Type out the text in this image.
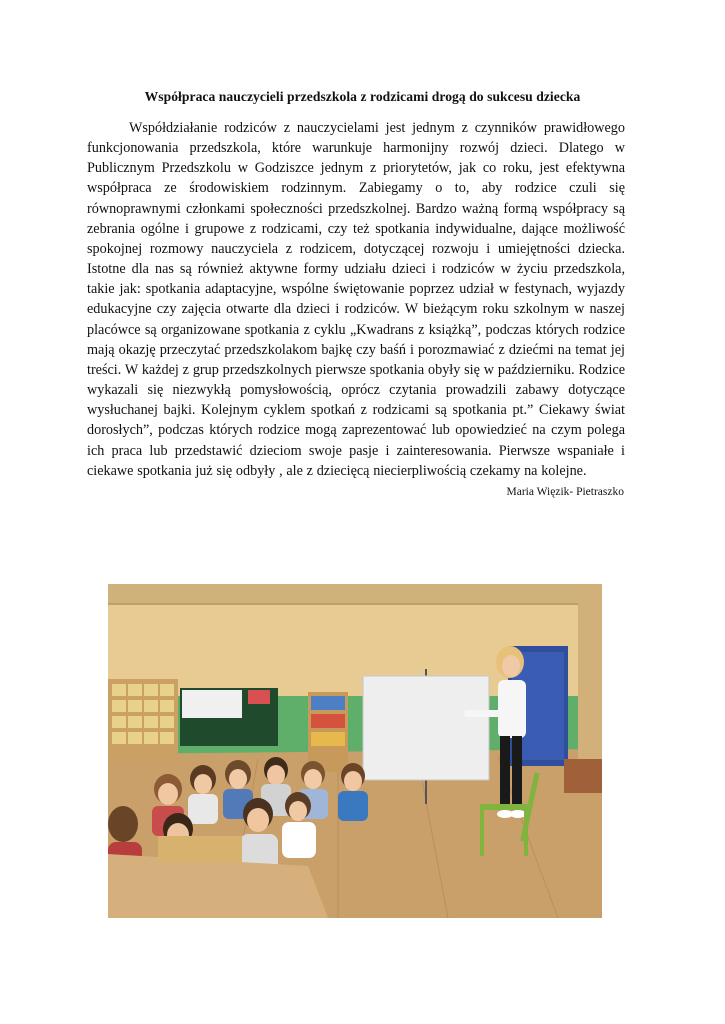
Współpraca nauczycieli przedszkola z rodzicami drogą do sukcesu dziecka

Współdziałanie rodziców z nauczycielami jest jednym z czynników prawidłowego funkcjonowania przedszkola, które warunkuje harmonijny rozwój dzieci. Dlatego w Publicznym Przedszkolu w Godziszce jednym z priorytetów, jak co roku, jest efektywna współpraca ze środowiskiem rodzinnym. Zabiegamy o to, aby rodzice czuli się równoprawnymi członkami społeczności przedszkolnej. Bardzo ważną formą współpracy są zebrania ogólne i grupowe z rodzicami, czy też spotkania indywidualne, dające możliwość spokojnej rozmowy nauczyciela z rodzicem, dotyczącej rozwoju i umiejętności dziecka. Istotne dla nas są również aktywne formy udziału dzieci i rodziców w życiu przedszkola, takie jak: spotkania adaptacyjne, wspólne świętowanie poprzez udział w festynach, wyjazdy edukacyjne czy zajęcia otwarte dla dzieci i rodziców. W bieżącym roku szkolnym w naszej placówce są organizowane spotkania z cyklu „Kwadrans z książką”, podczas których rodzice mają okazję przeczytać przedszkolakom bajkę czy baśń i porozmawiać z dziećmi na temat jej treści. W każdej z grup przedszkolnych pierwsze spotkania obyły się w październiku. Rodzice wykazali się niezwykłą pomysłowością, oprócz czytania prowadzili zabawy dotyczące wysłuchanej bajki. Kolejnym cyklem spotkań z rodzicami są spotkania pt.” Ciekawy świat dorosłych”, podczas których rodzice mogą zaprezentować lub opowiedzieć na czym polega ich praca lub przedstawić dzieciom swoje pasje i zainteresowania. Pierwsze wspaniałe i ciekawe spotkania już się odbyły , ale z dziecięcą niecierpliwością czekamy na kolejne.

Maria Więzik- Pietraszko
